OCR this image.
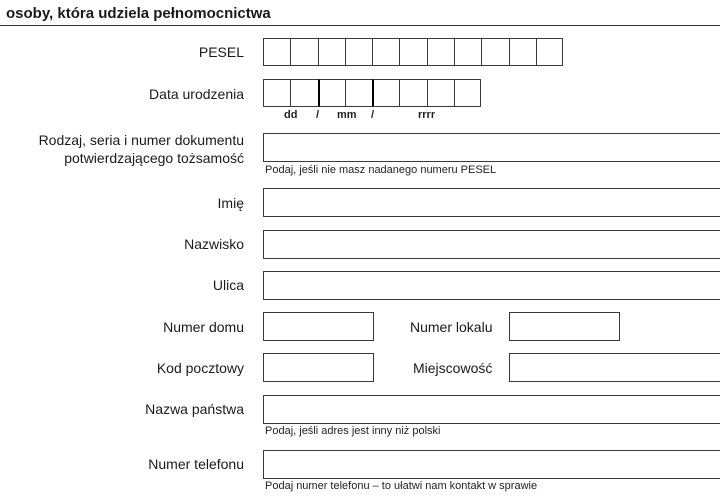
osoby, która udziela pełnomocnictwa
PESEL
Data urodzenia
dd / mm /	rrrr
Rodzaj, seria i numer dokumentu
potwierdzającego tożsamość
Podaj, jeśli nie masz nadanego numeru PESEL
Imię
Nazwisko
Ulica
Numer domu	Numer lokalu
Kod pocztowy	Miejscowość
Nazwa państwa
Podaj, jeśli adres jest inny niż polski
Numer telefonu
Podaj numer telefonu – to ułatwi nam kontakt w sprawie
